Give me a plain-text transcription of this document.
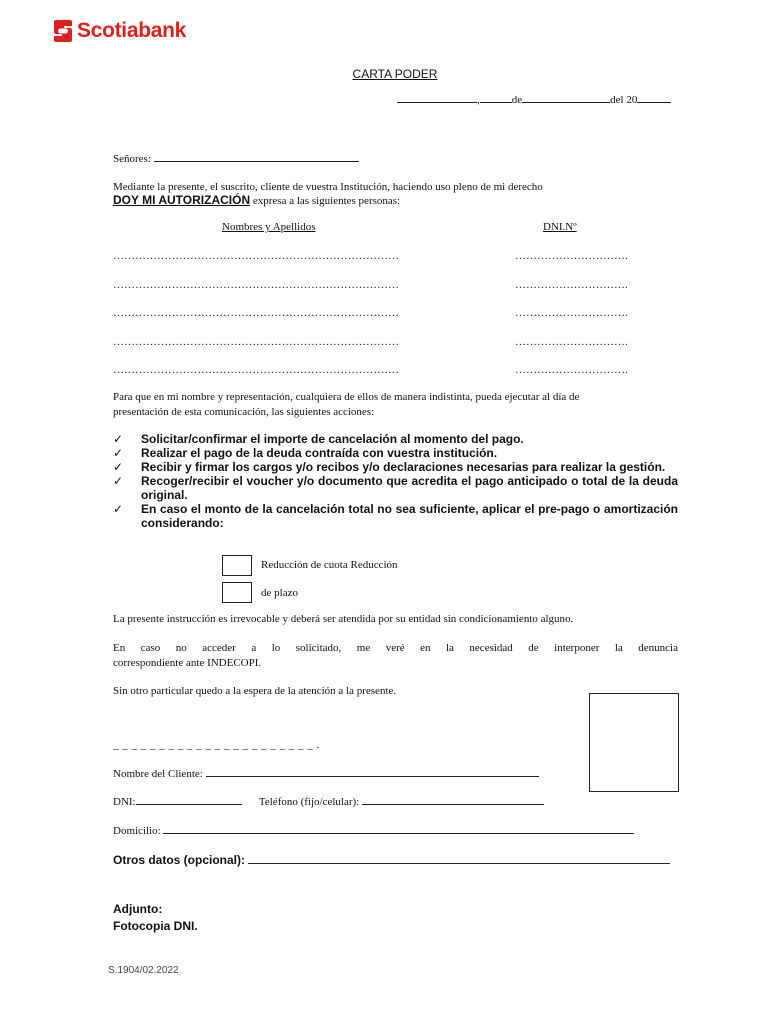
Scotiabank
CARTA PODER
,	de	del 20
Señores:
Mediante la presente, el suscrito, cliente de vuestra Institución, haciendo uso pleno de mi derecho
DOY MI AUTORIZACIÓN expresa a las siguientes personas:
Nombres y Apellidos	DNI.Nº
……………………………………………………………………	………………………….
……………………………………………………………………	………………………….
……………………………………………………………………	………………………….
……………………………………………………………………	………………………….
……………………………………………………………………	………………………….
Para que en mi nombre y representación, cualquiera de ellos de manera indistinta, pueda ejecutar al día de
presentación de esta comunicación, las siguientes acciones:
✓	Solicitar/confirmar el importe de cancelación al momento del pago.
✓	Realizar el pago de la deuda contraída con vuestra institución.
✓	Recibir y firmar los cargos y/o recibos y/o declaraciones necesarias para realizar la gestión.
✓	Recoger/recibir el voucher y/o documento que acredita el pago anticipado o total de la deuda original.
✓	En caso el monto de la cancelación total no sea suficiente, aplicar el pre-pago o amortización considerando:
Reducción de cuota Reducción
de plazo
La presente instrucción es irrevocable y deberá ser atendida por su entidad sin condicionamiento alguno.
En caso no acceder a lo solicitado, me veré en la necesidad de interponer la denuncia
correspondiente ante INDECOPI.
Sin otro particular quedo a la espera de la atención a la presente.
_ _ _ _ _ _ _ _ _ _ _ _ _ _ _ _ _ _ _ _ _ _ .
Nombre del Cliente:
DNI:	Teléfono (fijo/celular):
Domicilio:
Otros datos (opcional):
Adjunto:
Fotocopia DNI.
S.1904/02.2022
